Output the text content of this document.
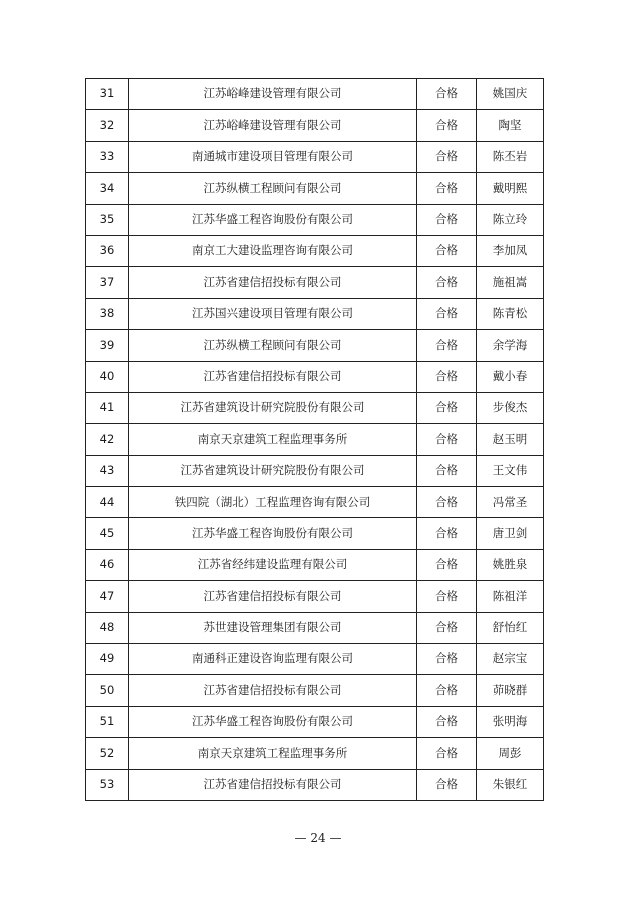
31	江苏峪峰建设管理有限公司	合格	姚国庆
32	江苏峪峰建设管理有限公司	合格	陶坚
33	南通城市建设项目管理有限公司	合格	陈丕岩
34	江苏纵横工程顾问有限公司	合格	戴明熙
35	江苏华盛工程咨询股份有限公司	合格	陈立玲
36	南京工大建设监理咨询有限公司	合格	李加凤
37	江苏省建信招投标有限公司	合格	施祖嵩
38	江苏国兴建设项目管理有限公司	合格	陈青松
39	江苏纵横工程顾问有限公司	合格	余学海
40	江苏省建信招投标有限公司	合格	戴小春
41	江苏省建筑设计研究院股份有限公司	合格	步俊杰
42	南京天京建筑工程监理事务所	合格	赵玉明
43	江苏省建筑设计研究院股份有限公司	合格	王文伟
44	铁四院（湖北）工程监理咨询有限公司	合格	冯常圣
45	江苏华盛工程咨询股份有限公司	合格	唐卫剑
46	江苏省经纬建设监理有限公司	合格	姚胜泉
47	江苏省建信招投标有限公司	合格	陈祖洋
48	苏世建设管理集团有限公司	合格	舒怡红
49	南通科正建设咨询监理有限公司	合格	赵宗宝
50	江苏省建信招投标有限公司	合格	茆晓群
51	江苏华盛工程咨询股份有限公司	合格	张明海
52	南京天京建筑工程监理事务所	合格	周彭
53	江苏省建信招投标有限公司	合格	朱银红
— 24 —
